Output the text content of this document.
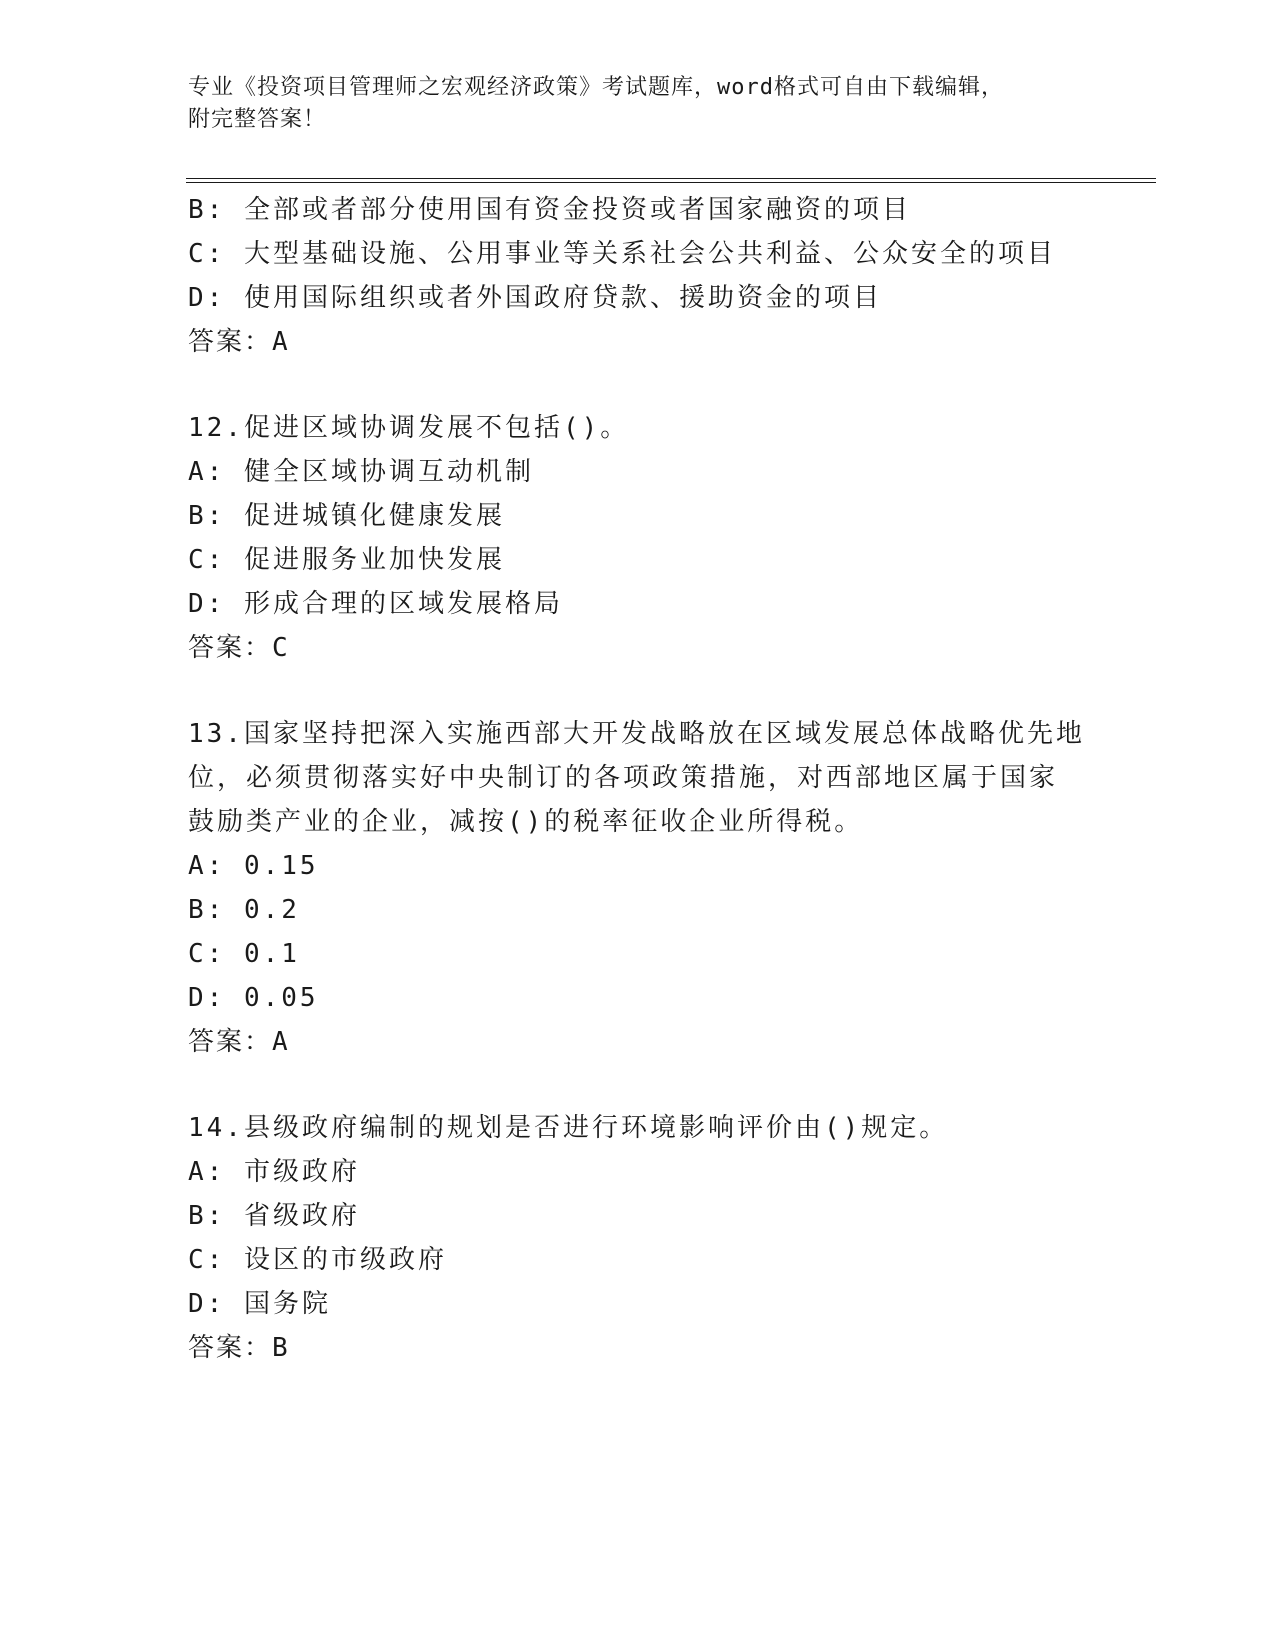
专业《投资项目管理师之宏观经济政策》考试题库，word格式可自由下载编辑，
附完整答案！
B: 全部或者部分使用国有资金投资或者国家融资的项目
C: 大型基础设施、公用事业等关系社会公共利益、公众安全的项目
D: 使用国际组织或者外国政府贷款、援助资金的项目
答案：A
12.促进区域协调发展不包括()。
A: 健全区域协调互动机制
B: 促进城镇化健康发展
C: 促进服务业加快发展
D: 形成合理的区域发展格局
答案：C
13.国家坚持把深入实施西部大开发战略放在区域发展总体战略优先地
位，必须贯彻落实好中央制订的各项政策措施，对西部地区属于国家
鼓励类产业的企业，减按()的税率征收企业所得税。
A: 0.15
B: 0.2
C: 0.1
D: 0.05
答案：A
14.县级政府编制的规划是否进行环境影响评价由()规定。
A: 市级政府
B: 省级政府
C: 设区的市级政府
D: 国务院
答案：B
